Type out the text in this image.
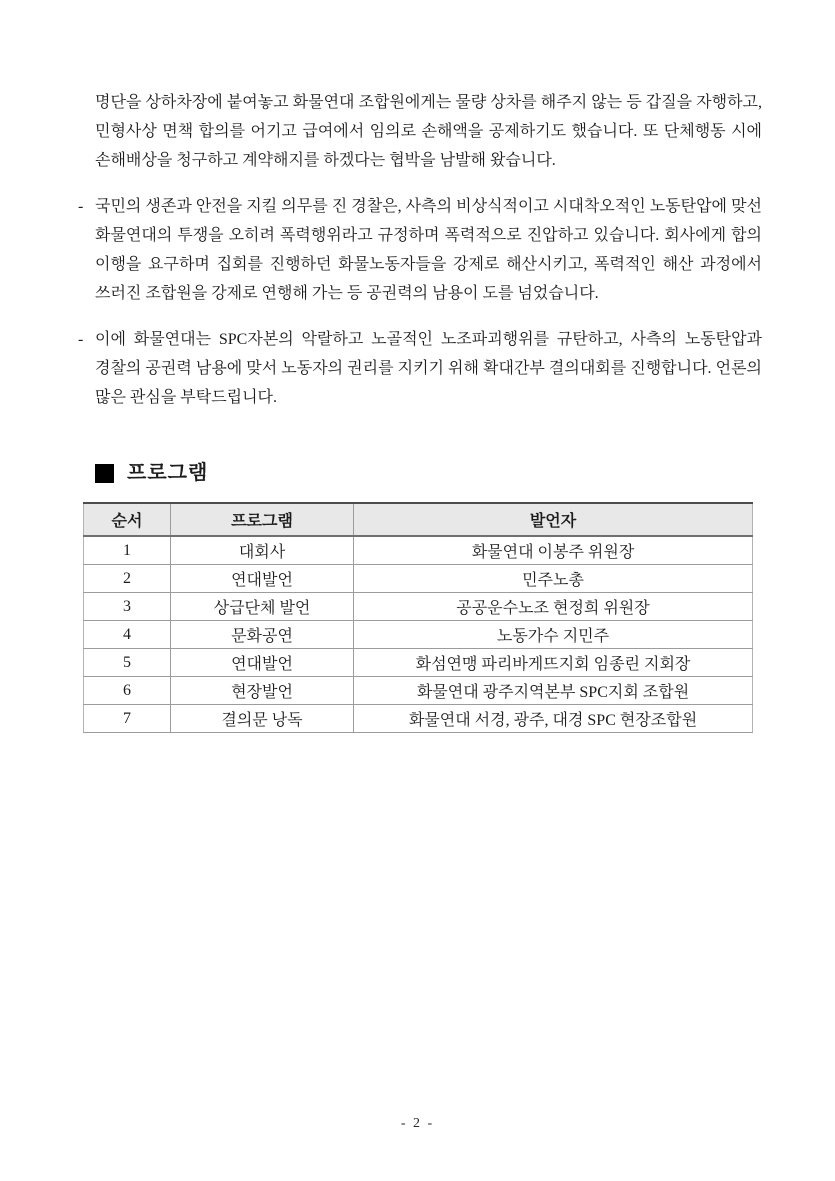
명단을 상하차장에 붙여놓고 화물연대 조합원에게는 물량 상차를 해주지 않는 등 갑질을 자행하고, 민형사상 면책 합의를 어기고 급여에서 임의로 손해액을 공제하기도 했습니다. 또 단체행동 시에 손해배상을 청구하고 계약해지를 하겠다는 협박을 남발해 왔습니다.

- 국민의 생존과 안전을 지킬 의무를 진 경찰은, 사측의 비상식적이고 시대착오적인 노동탄압에 맞선 화물연대의 투쟁을 오히려 폭력행위라고 규정하며 폭력적으로 진압하고 있습니다. 회사에게 합의 이행을 요구하며 집회를 진행하던 화물노동자들을 강제로 해산시키고, 폭력적인 해산 과정에서 쓰러진 조합원을 강제로 연행해 가는 등 공권력의 남용이 도를 넘었습니다.

- 이에 화물연대는 SPC자본의 악랄하고 노골적인 노조파괴행위를 규탄하고, 사측의 노동탄압과 경찰의 공권력 남용에 맞서 노동자의 권리를 지키기 위해 확대간부 결의대회를 진행합니다. 언론의 많은 관심을 부탁드립니다.

프로그램
순서	프로그램	발언자
1	대회사	화물연대 이봉주 위원장
2	연대발언	민주노총
3	상급단체 발언	공공운수노조 현정희 위원장
4	문화공연	노동가수 지민주
5	연대발언	화섬연맹 파리바게뜨지회 임종린 지회장
6	현장발언	화물연대 광주지역본부 SPC지회 조합원
7	결의문 낭독	화물연대 서경, 광주, 대경 SPC 현장조합원
- 2 -
